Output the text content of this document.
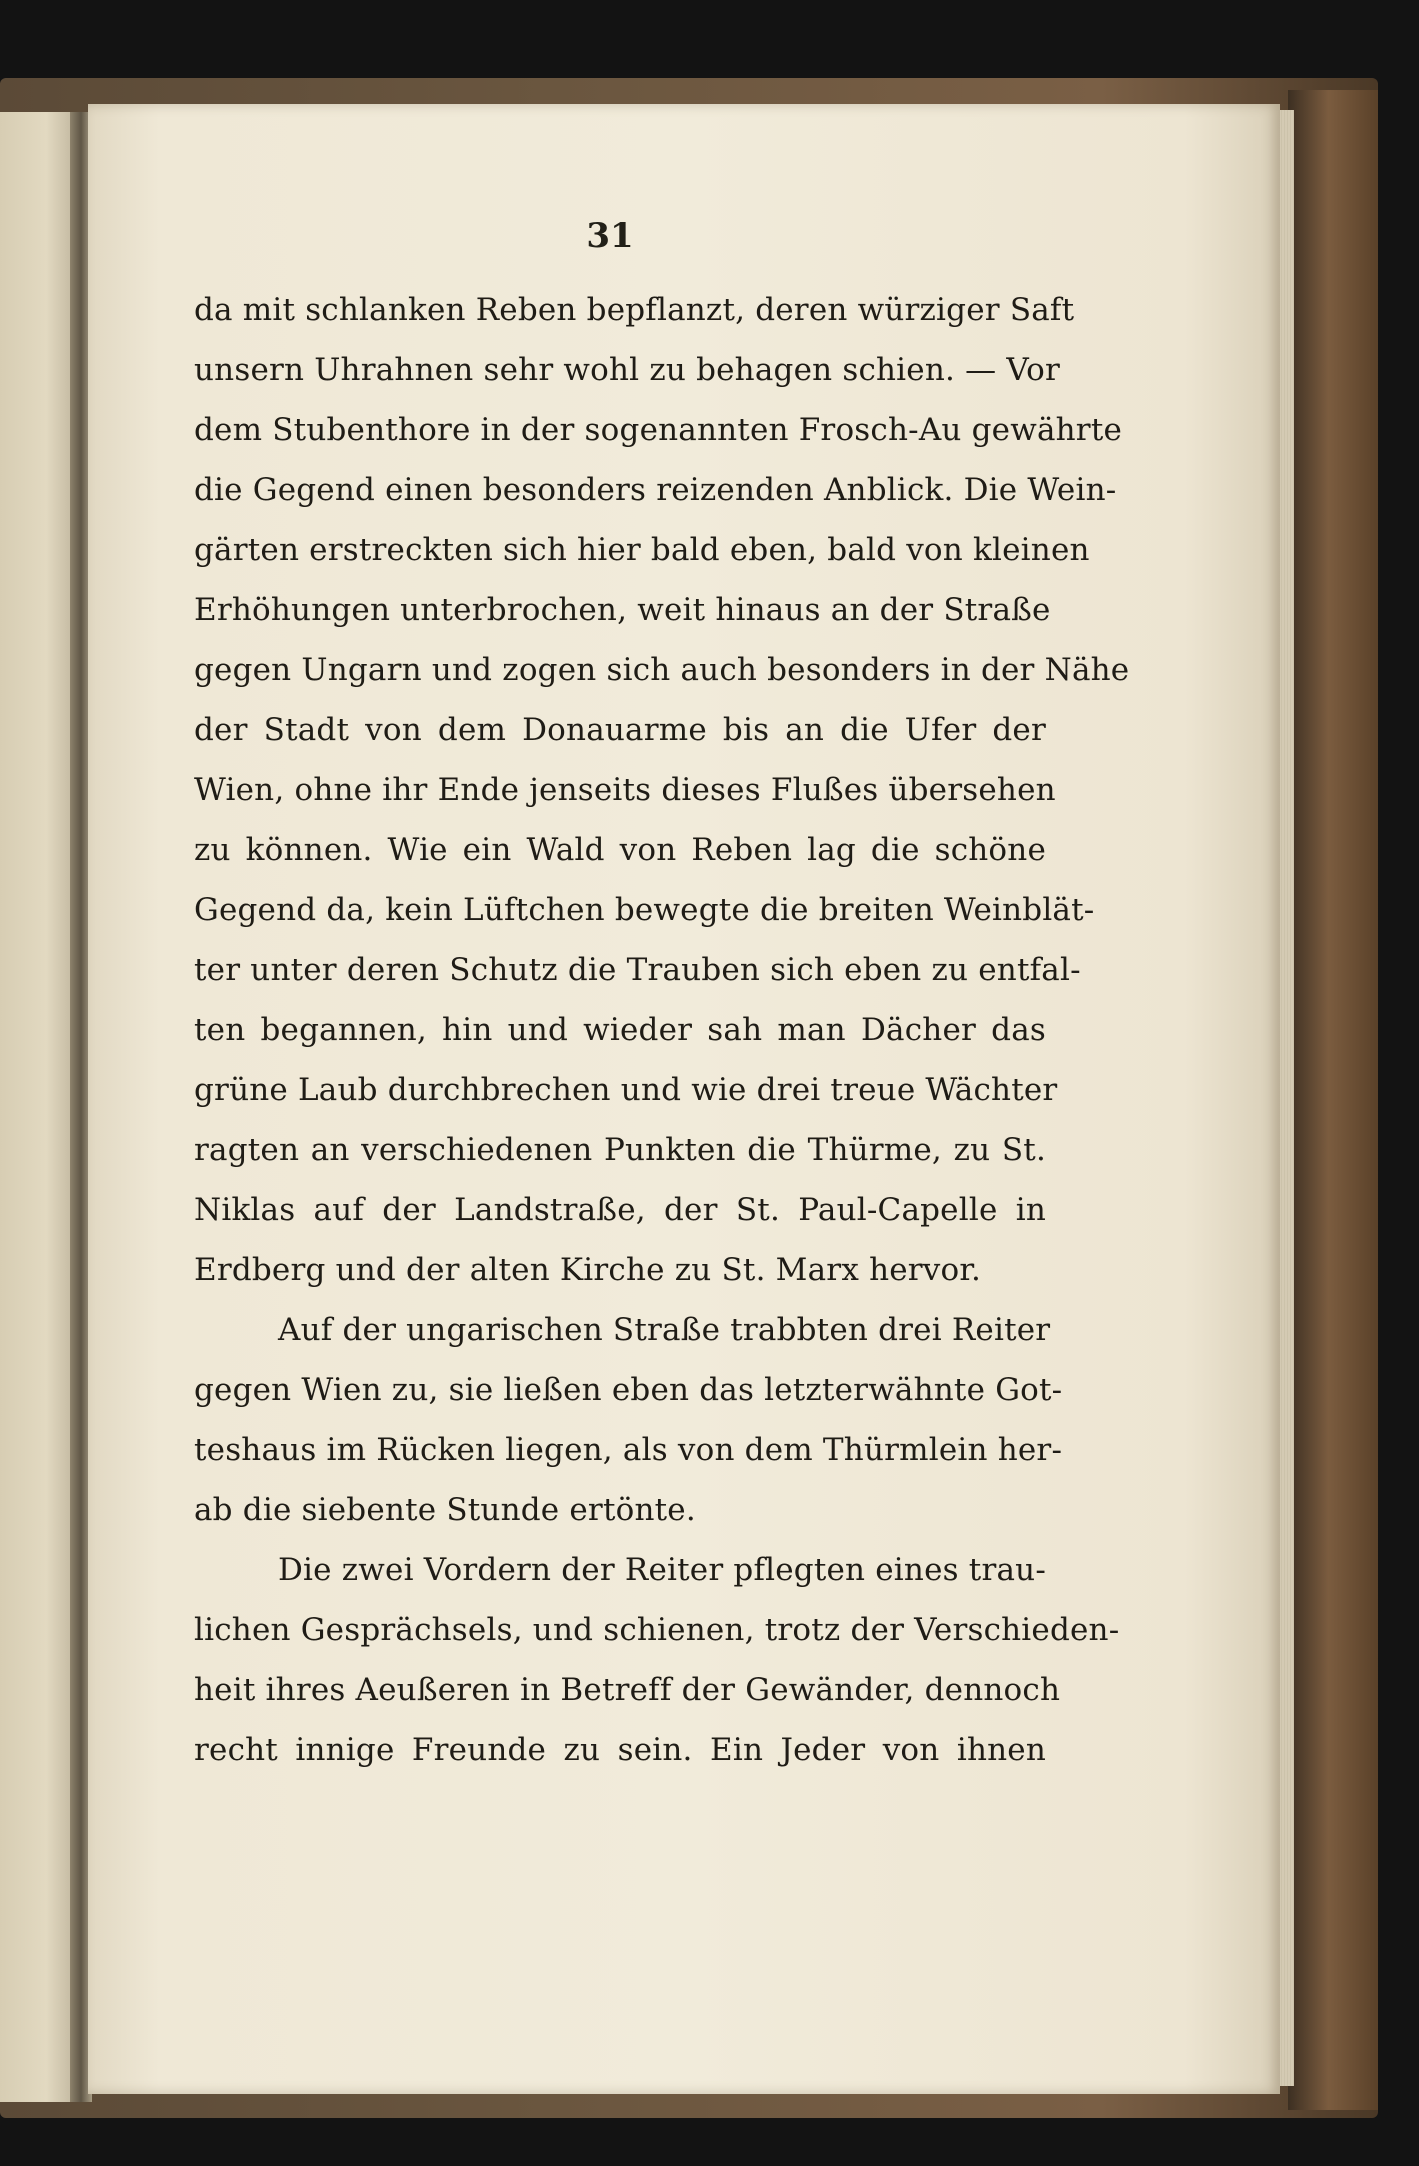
31
da mit schlanken Reben bepflanzt, deren würziger Saft
unsern Uhrahnen sehr wohl zu behagen schien. — Vor
dem Stubenthore in der sogenannten Frosch-Au gewährte
die Gegend einen besonders reizenden Anblick. Die Wein-
gärten erstreckten sich hier bald eben, bald von kleinen
Erhöhungen unterbrochen, weit hinaus an der Straße
gegen Ungarn und zogen sich auch besonders in der Nähe
der Stadt von dem Donauarme bis an die Ufer der
Wien, ohne ihr Ende jenseits dieses Flußes übersehen
zu können. Wie ein Wald von Reben lag die schöne
Gegend da, kein Lüftchen bewegte die breiten Weinblät-
ter unter deren Schutz die Trauben sich eben zu entfal-
ten begannen, hin und wieder sah man Dächer das
grüne Laub durchbrechen und wie drei treue Wächter
ragten an verschiedenen Punkten die Thürme, zu St.
Niklas auf der Landstraße, der St. Paul-Capelle in
Erdberg und der alten Kirche zu St. Marx hervor.
Auf der ungarischen Straße trabbten drei Reiter
gegen Wien zu, sie ließen eben das letzterwähnte Got-
teshaus im Rücken liegen, als von dem Thürmlein her-
ab die siebente Stunde ertönte.
Die zwei Vordern der Reiter pflegten eines trau-
lichen Gesprächsels, und schienen, trotz der Verschieden-
heit ihres Aeußeren in Betreff der Gewänder, dennoch
recht innige Freunde zu sein. Ein Jeder von ihnen
